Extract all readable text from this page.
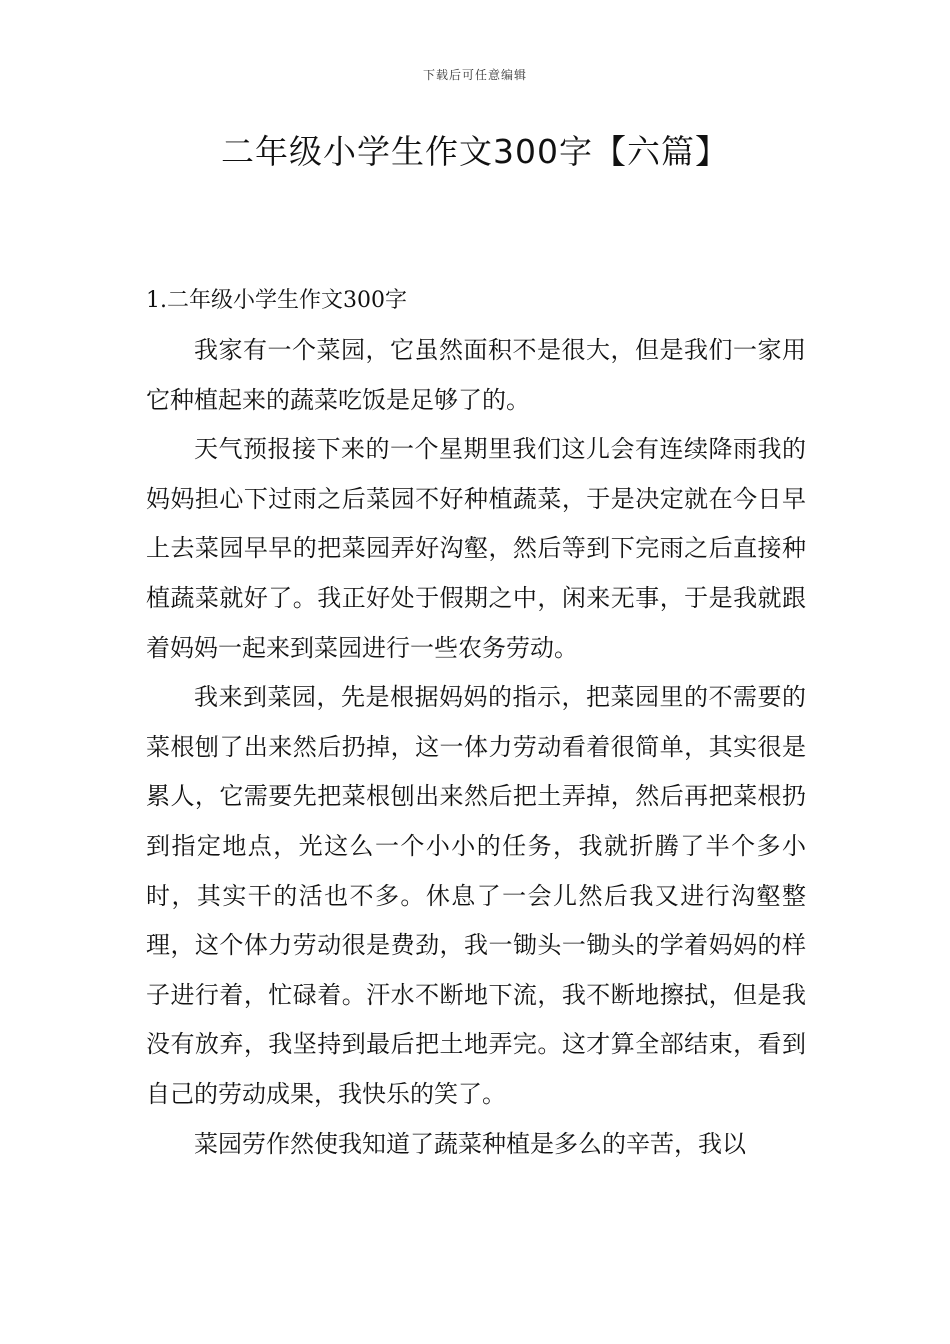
下载后可任意编辑
二年级小学生作文300字【六篇】
1.二年级小学生作文300字

我家有一个菜园，它虽然面积不是很大，但是我们一家用它种植起来的蔬菜吃饭是足够了的。

天气预报接下来的一个星期里我们这儿会有连续降雨我的妈妈担心下过雨之后菜园不好种植蔬菜，于是决定就在今日早上去菜园早早的把菜园弄好沟壑，然后等到下完雨之后直接种植蔬菜就好了。我正好处于假期之中，闲来无事，于是我就跟着妈妈一起来到菜园进行一些农务劳动。

我来到菜园，先是根据妈妈的指示，把菜园里的不需要的菜根刨了出来然后扔掉，这一体力劳动看着很简单，其实很是累人，它需要先把菜根刨出来然后把土弄掉，然后再把菜根扔到指定地点，光这么一个小小的任务，我就折腾了半个多小时，其实干的活也不多。休息了一会儿然后我又进行沟壑整理，这个体力劳动很是费劲，我一锄头一锄头的学着妈妈的样子进行着，忙碌着。汗水不断地下流，我不断地擦拭，但是我没有放弃，我坚持到最后把土地弄完。这才算全部结束，看到自己的劳动成果，我快乐的笑了。

菜园劳作然使我知道了蔬菜种植是多么的辛苦，我以
